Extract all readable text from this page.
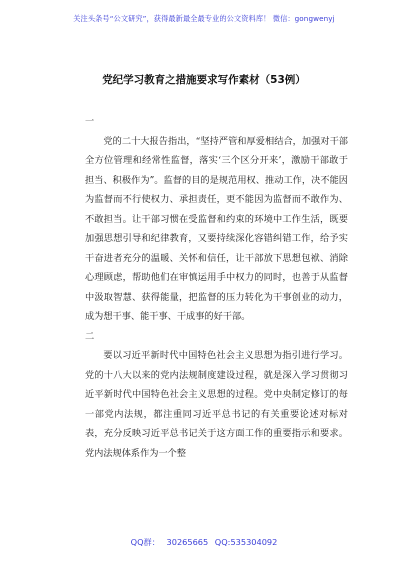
关注头条号“公文研究”，获得最新最全最专业的公文资料库！ 微信：gongwenyj
党纪学习教育之措施要求写作素材（53例）

一

党的二十大报告指出，“坚持严管和厚爱相结合，加强对干部全方位管理和经常性监督，落实‘三个区分开来’，激励干部敢于担当、积极作为”。监督的目的是规范用权、推动工作，决不能因为监督而不行使权力、承担责任，更不能因为监督而不敢作为、不敢担当。让干部习惯在受监督和约束的环境中工作生活，既要加强思想引导和纪律教育，又要持续深化容错纠错工作，给予实干奋进者充分的温暖、关怀和信任，让干部放下思想包袱、消除心理顾虑，帮助他们在审慎运用手中权力的同时，也善于从监督中汲取智慧、获得能量，把监督的压力转化为干事创业的动力，成为想干事、能干事、干成事的好干部。

二

要以习近平新时代中国特色社会主义思想为指引进行学习。党的十八大以来的党内法规制度建设过程，就是深入学习贯彻习近平新时代中国特色社会主义思想的过程。党中央制定修订的每一部党内法规，都注重同习近平总书记的有关重要论述对标对表，充分反映习近平总书记关于这方面工作的重要指示和要求。党内法规体系作为一个整

QQ群： 30265665 QQ:535304092
